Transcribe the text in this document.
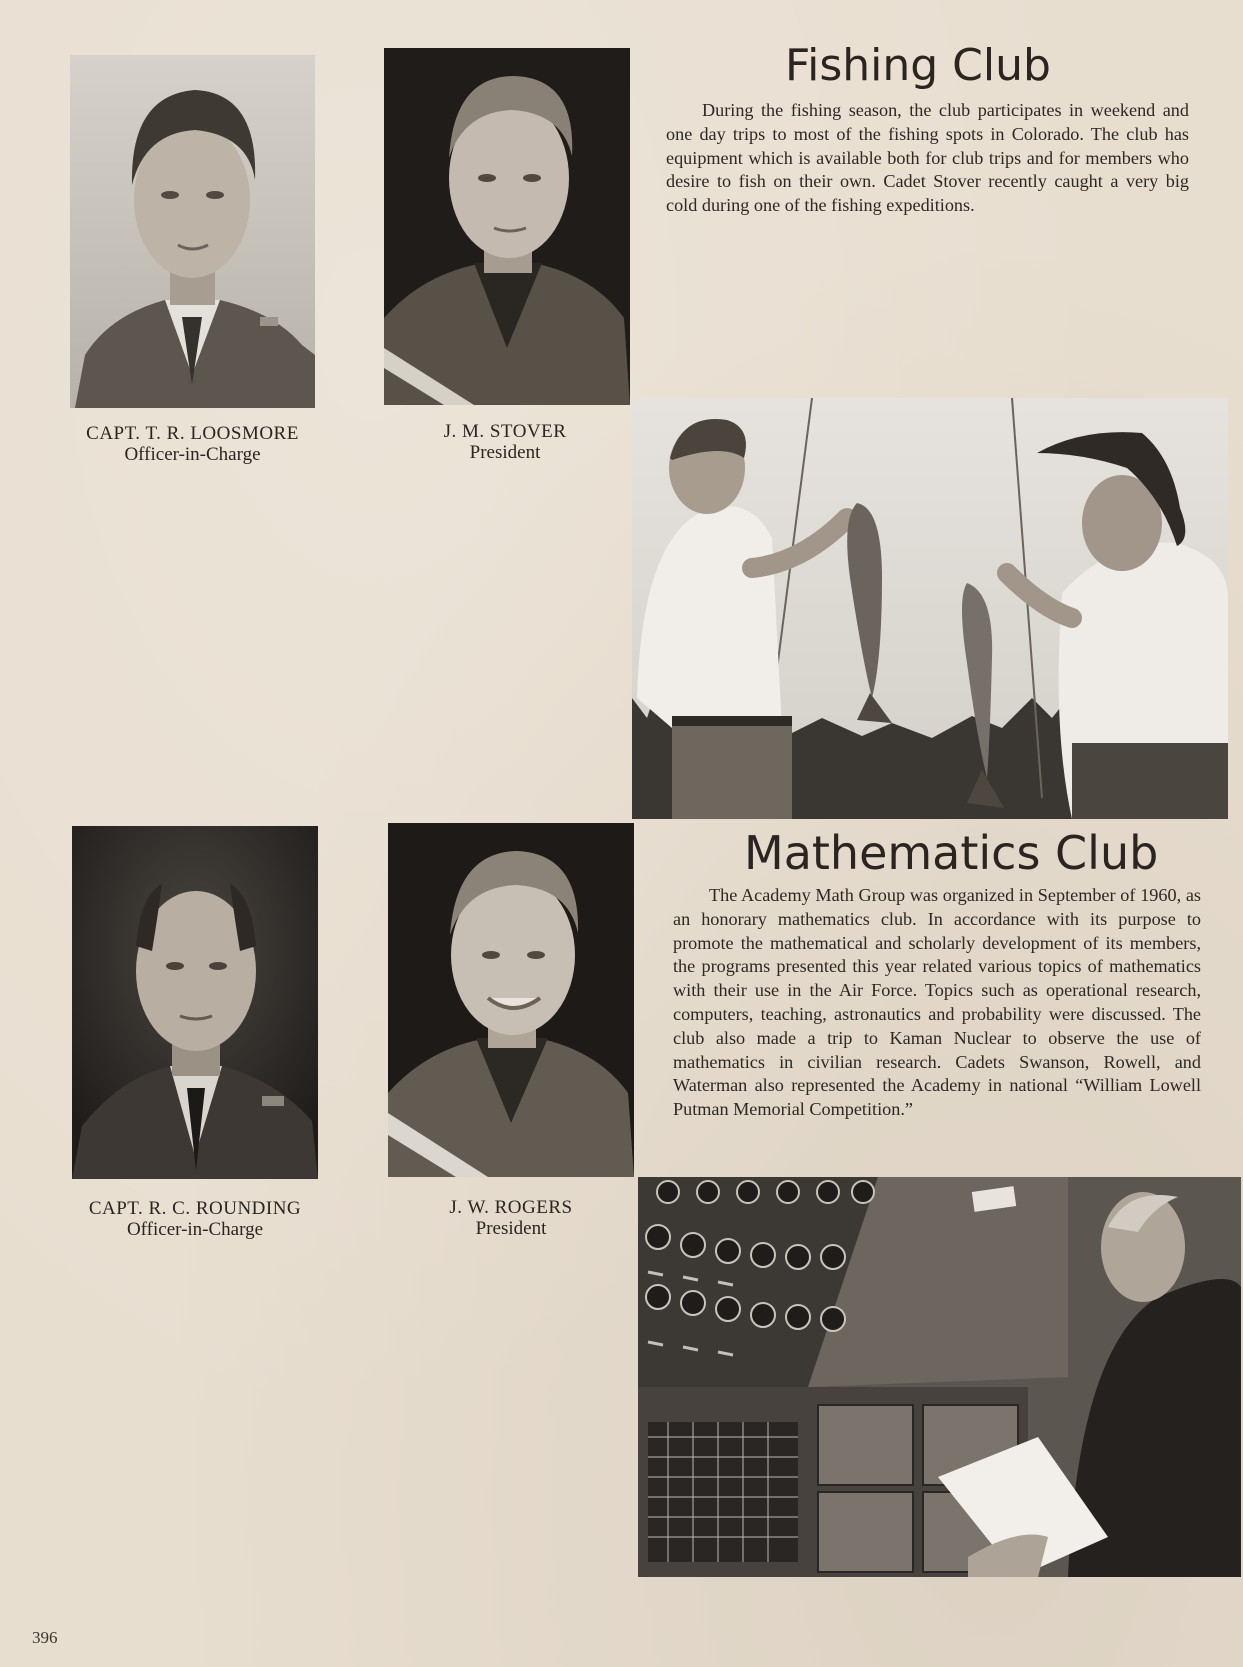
CAPT. T. R. LOOSMORE
Officer-in-Charge
J. M. STOVER
President
Fishing Club

During the fishing season, the club participates in weekend and one day trips to most of the fishing spots in Colorado. The club has equipment which is available both for club trips and for members who desire to fish on their own. Cadet Stover recently caught a very big cold during one of the fishing expeditions.

CAPT. R. C. ROUNDING
Officer-in-Charge
J. W. ROGERS
President
Mathematics Club

The Academy Math Group was organized in September of 1960, as an honorary mathematics club. In accordance with its purpose to promote the mathematical and scholarly development of its members, the programs presented this year related various topics of mathematics with their use in the Air Force. Topics such as operational research, computers, teaching, astronautics and probability were discussed. The club also made a trip to Kaman Nuclear to observe the use of mathematics in civilian research. Cadets Swanson, Rowell, and Waterman also represented the Academy in national “William Lowell Putman Memorial Competition.”

396
